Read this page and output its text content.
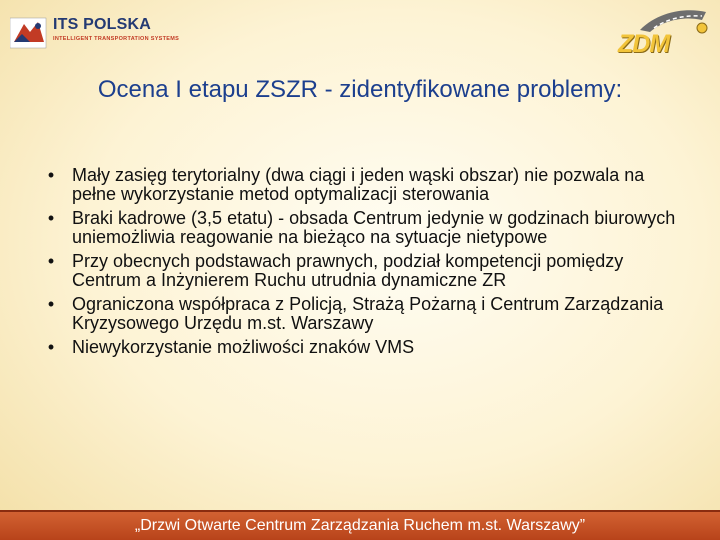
ITS POLSKA
INTELLIGENT TRANSPORTATION SYSTEMS	ZDM
Ocena I etapu ZSZR - zidentyfikowane problemy:
• Mały zasięg terytorialny (dwa ciągi i jeden wąski obszar) nie pozwala na pełne wykorzystanie metod optymalizacji sterowania
• Braki kadrowe (3,5 etatu) - obsada Centrum jedynie w godzinach biurowych uniemożliwia reagowanie na bieżąco na sytuacje nietypowe
• Przy obecnych podstawach prawnych, podział kompetencji pomiędzy Centrum a Inżynierem Ruchu utrudnia dynamiczne ZR
• Ograniczona współpraca z Policją, Strażą Pożarną i Centrum Zarządzania Kryzysowego Urzędu m.st. Warszawy
• Niewykorzystanie możliwości znaków VMS
„Drzwi Otwarte Centrum Zarządzania Ruchem m.st. Warszawy”
